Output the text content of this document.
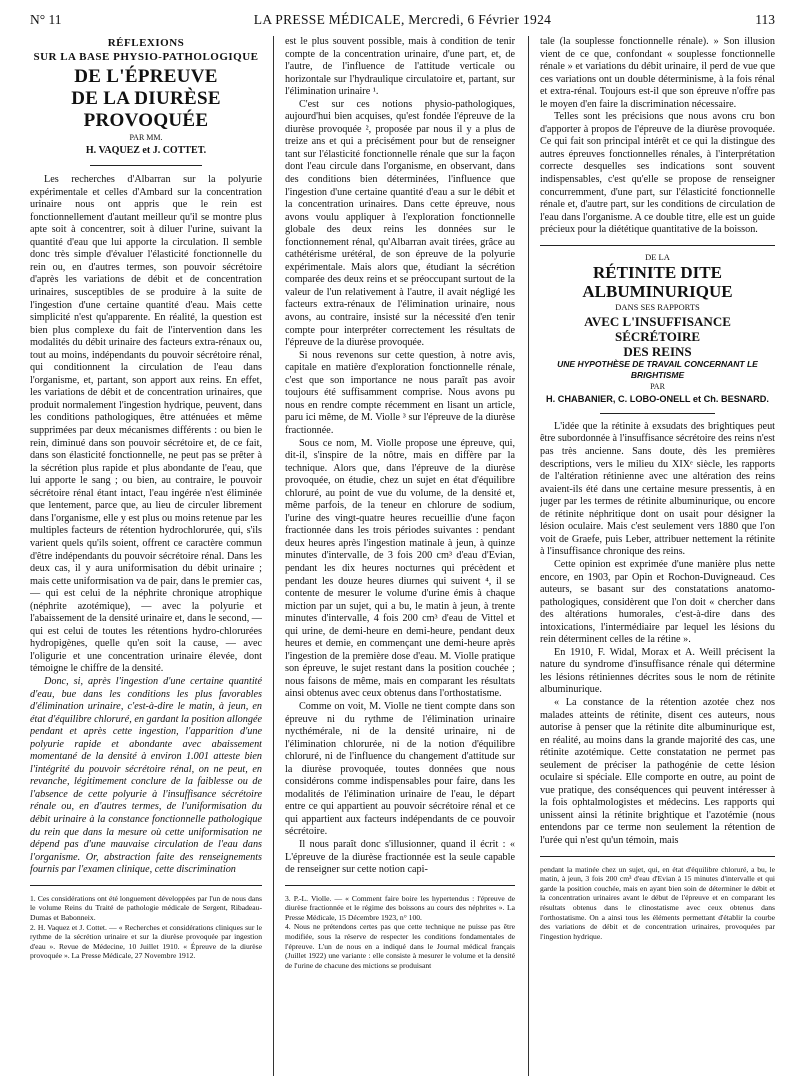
N° 11	LA PRESSE MÉDICALE, Mercredi, 6 Février 1924	113

RÉFLEXIONS

SUR LA BASE PHYSIO-PATHOLOGIQUE

DE L'ÉPREUVE

DE LA DIURÈSE PROVOQUÉE

PAR MM.

H. VAQUEZ et J. COTTET.

Les recherches d'Albarran sur la polyurie expérimentale et celles d'Ambard sur la concentration urinaire nous ont appris que le rein est fonctionnellement d'autant meilleur qu'il se montre plus apte soit à concentrer, soit à diluer l'urine, suivant la quantité d'eau que lui apporte la circulation. Il semble donc très simple d'évaluer l'élasticité fonctionnelle du rein ou, en d'autres termes, son pouvoir sécrétoire d'après les variations de débit et de concentration urinaires, susceptibles de se produire à la suite de l'ingestion d'une certaine quantité d'eau. Mais cette simplicité n'est qu'apparente. En réalité, la question est bien plus complexe du fait de l'intervention dans les modalités du débit urinaire des facteurs extra-rénaux ou, tout au moins, indépendants du pouvoir sécrétoire rénal, qui conditionnent la circulation de l'eau dans l'organisme, et, partant, son apport aux reins. En effet, les variations de débit et de concentration urinaires, que produit normalement l'ingestion hydrique, peuvent, dans les conditions pathologiques, être atténuées et même supprimées par deux mécanismes différents : ou bien le rein, diminué dans son pouvoir sécrétoire et, de ce fait, dans son élasticité fonctionnelle, ne peut pas se prêter à la sécrétion plus rapide et plus abondante de l'eau, que lui apporte le sang ; ou bien, au contraire, le pouvoir sécrétoire rénal étant intact, l'eau ingérée n'est éliminée que lentement, parce que, au lieu de circuler librement dans l'organisme, elle y est plus ou moins retenue par les multiples facteurs de rétention hydrochlorurée, qui, s'ils varient quels qu'ils soient, offrent ce caractère commun d'être indépendants du pouvoir sécrétoire rénal. Dans les deux cas, il y aura uniformisation du débit urinaire ; mais cette uniformisation va de pair, dans le premier cas, — qui est celui de la néphrite chronique atrophique (néphrite azotémique), — avec la polyurie et l'abaissement de la densité urinaire et, dans le second, — qui est celui de toutes les rétentions hydro-chlorurées hydropigènes, quelle qu'en soit la cause, — avec l'oligurie et une concentration urinaire élevée, dont témoigne le chiffre de la densité.

Donc, si, après l'ingestion d'une certaine quantité d'eau, bue dans les conditions les plus favorables d'élimination urinaire, c'est-à-dire le matin, à jeun, en état d'équilibre chloruré, en gardant la position allongée pendant et après cette ingestion, l'apparition d'une polyurie rapide et abondante avec abaissement momentané de la densité à environ 1.001 atteste bien l'intégrité du pouvoir sécrétoire rénal, on ne peut, en revanche, légitimement conclure de la faiblesse ou de l'absence de cette polyurie à l'insuffisance sécrétoire rénale ou, en d'autres termes, de l'uniformisation du débit urinaire à la constance fonctionnelle pathologique du rein que dans la mesure où cette uniformisation ne dépend pas d'une mauvaise circulation de l'eau dans l'organisme. Or, abstraction faite des renseignements fournis par l'examen clinique, cette discrimination

1. Ces considérations ont été longuement développées par l'un de nous dans le volume Reins du Traité de pathologie médicale de Sergent, Ribadeau-Dumas et Babonneix.

2. H. Vaquez et J. Cottet. — « Recherches et considérations cliniques sur le rythme de la sécrétion urinaire et sur la diurèse provoquée par ingestion d'eau ». Revue de Médecine, 10 Juillet 1910. « Épreuve de la diurèse provoquée ». La Presse Médicale, 27 Novembre 1912.

est le plus souvent possible, mais à condition de tenir compte de la concentration urinaire, d'une part, et, de l'autre, de l'influence de l'attitude verticale ou horizontale sur l'hydraulique circulatoire et, partant, sur l'élimination urinaire ¹.

C'est sur ces notions physio-pathologiques, aujourd'hui bien acquises, qu'est fondée l'épreuve de la diurèse provoquée ², proposée par nous il y a plus de treize ans et qui a précisément pour but de renseigner tant sur l'élasticité fonctionnelle rénale que sur la façon dont l'eau circule dans l'organisme, en observant, dans des conditions bien déterminées, l'influence que l'ingestion d'une certaine quantité d'eau a sur le débit et la concentration urinaires. Dans cette épreuve, nous avons voulu appliquer à l'exploration fonctionnelle globale des deux reins les données sur le fonctionnement rénal, qu'Albarran avait tirées, grâce au cathétérisme urétéral, de son épreuve de la polyurie expérimentale. Mais alors que, étudiant la sécrétion comparée des deux reins et se préoccupant surtout de la valeur de l'un relativement à l'autre, il avait négligé les facteurs extra-rénaux de l'élimination urinaire, nous avons, au contraire, insisté sur la nécessité d'en tenir compte pour interpréter correctement les résultats de l'épreuve de la diurèse provoquée.

Si nous revenons sur cette question, à notre avis, capitale en matière d'exploration fonctionnelle rénale, c'est que son importance ne nous paraît pas avoir toujours été suffisamment comprise. Nous avons pu nous en rendre compte récemment en lisant un article, paru ici même, de M. Violle ³ sur l'épreuve de la diurèse fractionnée.

Sous ce nom, M. Violle propose une épreuve, qui, dit-il, s'inspire de la nôtre, mais en diffère par la technique. Alors que, dans l'épreuve de la diurèse provoquée, on étudie, chez un sujet en état d'équilibre chloruré, au point de vue du volume, de la densité et, même parfois, de la teneur en chlorure de sodium, l'urine des vingt-quatre heures recueillie d'une façon fractionnée dans les trois périodes suivantes : pendant deux heures après l'ingestion matinale à jeun, à quinze minutes d'intervalle, de 3 fois 200 cm³ d'eau d'Evian, pendant les dix heures nocturnes qui précèdent et pendant les douze heures diurnes qui suivent ⁴, il se contente de mesurer le volume d'urine émis à chaque miction par un sujet, qui a bu, le matin à jeun, à trente minutes d'intervalle, 4 fois 200 cm³ d'eau de Vittel et qui urine, de demi-heure en demi-heure, pendant deux heures et demie, en commençant une demi-heure après l'ingestion de la première dose d'eau. M. Violle pratique son épreuve, le sujet restant dans la position couchée ; nous faisons de même, mais en comparant les résultats ainsi obtenus avec ceux obtenus dans l'orthostatisme.

Comme on voit, M. Violle ne tient compte dans son épreuve ni du rythme de l'élimination urinaire nycthémérale, ni de la densité urinaire, ni de l'élimination chlorurée, ni de la notion d'équilibre chloruré, ni de l'influence du changement d'attitude sur la diurèse provoquée, toutes données que nous considérons comme indispensables pour faire, dans les modalités de l'élimination urinaire de l'eau, le départ entre ce qui appartient au pouvoir sécrétoire rénal et ce qui appartient aux facteurs indépendants de ce pouvoir sécrétoire.

Il nous paraît donc s'illusionner, quand il écrit : « L'épreuve de la diurèse fractionnée est la seule capable de renseigner sur cette notion capi-

3. P.-L. Violle. — « Comment faire boire les hypertendus : l'épreuve de diurèse fractionnée et le régime des boissons au cours des néphrites ». La Presse Médicale, 15 Décembre 1923, n° 100.

4. Nous ne prétendons certes pas que cette technique ne puisse pas être modifiée, sous la réserve de respecter les conditions fondamentales de l'épreuve. L'un de nous en a indiqué dans le Journal médical français (Juillet 1922) une variante : elle consiste à mesurer le volume et la densité de l'urine de chacune des mictions se produisant

tale (la souplesse fonctionnelle rénale). » Son illusion vient de ce que, confondant « souplesse fonctionnelle rénale » et variations du débit urinaire, il perd de vue que ces variations ont un double déterminisme, à la fois rénal et extra-rénal. Toujours est-il que son épreuve n'offre pas le moyen d'en faire la discrimination nécessaire.

Telles sont les précisions que nous avons cru bon d'apporter à propos de l'épreuve de la diurèse provoquée. Ce qui fait son principal intérêt et ce qui la distingue des autres épreuves fonctionnelles rénales, à l'interprétation correcte desquelles ses indications sont souvent indispensables, c'est qu'elle se propose de renseigner concurremment, d'une part, sur l'élasticité fonctionnelle rénale et, d'autre part, sur les conditions de circulation de l'eau dans l'organisme. A ce double titre, elle est un guide précieux pour la diététique quantitative de la boisson.

DE LA

RÉTINITE DITE ALBUMINURIQUE

DANS SES RAPPORTS

AVEC L'INSUFFISANCE SÉCRÉTOIRE

DES REINS

UNE HYPOTHÈSE DE TRAVAIL CONCERNANT LE BRIGHTISME

PAR

H. CHABANIER, C. LOBO-ONELL et Ch. BESNARD.

L'idée que la rétinite à exsudats des brightiques peut être subordonnée à l'insuffisance sécrétoire des reins n'est pas très ancienne. Sans doute, dès les premières descriptions, vers le milieu du XIXᵉ siècle, les rapports de l'altération rétinienne avec une altération des reins avaient-ils été dans une certaine mesure pressentis, à en juger par les termes de rétinite albuminurique, ou encore de rétinite néphritique dont on usait pour désigner la lésion oculaire. Mais c'est seulement vers 1880 que l'on voit de Graefe, puis Leber, attribuer nettement la rétinite à l'insuffisance chronique des reins.

Cette opinion est exprimée d'une manière plus nette encore, en 1903, par Opin et Rochon-Duvigneaud. Ces auteurs, se basant sur des constatations anatomo-pathologiques, considèrent que l'on doit « chercher dans des altérations humorales, c'est-à-dire dans des intoxications, l'intermédiaire par lequel les lésions du rein déterminent celles de la rétine ».

En 1910, F. Widal, Morax et A. Weill précisent la nature du syndrome d'insuffisance rénale qui détermine les lésions rétiniennes décrites sous le nom de rétinite albuminurique.

« La constance de la rétention azotée chez nos malades atteints de rétinite, disent ces auteurs, nous autorise à penser que la rétinite dite albuminurique est, en réalité, au moins dans la grande majorité des cas, une rétinite azotémique. Cette constatation ne permet pas seulement de préciser la pathogénie de cette lésion oculaire si spéciale. Elle comporte en outre, au point de vue pratique, des conséquences qui peuvent intéresser à la fois ophtalmologistes et médecins. Les rapports qui unissent ainsi la rétinite brightique et l'azotémie (nous entendons par ce terme non seulement la rétention de l'urée qui n'est qu'un témoin, mais

pendant la matinée chez un sujet, qui, en état d'équilibre chloruré, a bu, le matin, à jeun, 3 fois 200 cm³ d'eau d'Evian à 15 minutes d'intervalle et qui garde la position couchée, mais en ayant bien soin de déterminer le débit et la concentration urinaires avant le début de l'épreuve et en comparant les résultats obtenus dans le clinostatisme avec ceux obtenus dans l'orthostatisme. On a ainsi tous les éléments permettant d'établir la courbe des variations de débit et de concentration urinaires, provoquées par l'ingestion hydrique.
